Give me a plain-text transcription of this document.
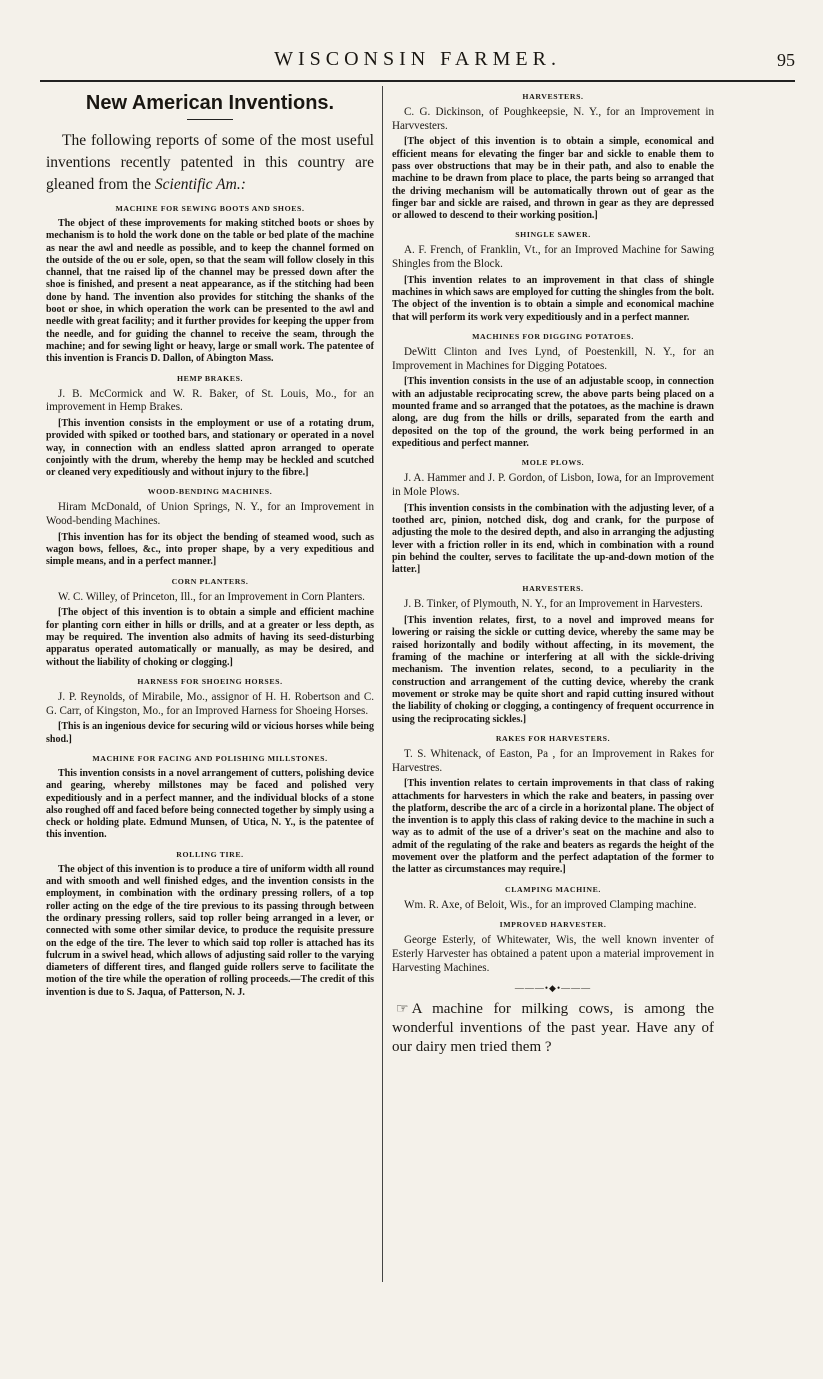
WISCONSIN FARMER.	95
New American Inventions.

The following reports of some of the most useful inventions recently patented in this country are gleaned from the Scientific Am.:

MACHINE FOR SEWING BOOTS AND SHOES.

The object of these improvements for making stitched boots or shoes by mechanism is to hold the work done on the table or bed plate of the machine as near the awl and needle as possible, and to keep the channel formed on the outside of the ou er sole, open, so that the seam will follow closely in this channel, that tne raised lip of the channel may be pressed down after the shoe is finished, and present a neat appearance, as if the stitching had been done by hand. The invention also provides for stitching the shanks of the boot or shoe, in which operation the work can be presented to the awl and needle with great facility; and it further provides for keeping the upper from the needle, and for guiding the channel to receive the seam, through the machine; and for sewing light or heavy, large or small work. The patentee of this invention is Francis D. Dallon, of Abington Mass.

HEMP BRAKES.

J. B. McCormick and W. R. Baker, of St. Louis, Mo., for an improvement in Hemp Brakes.

[This invention consists in the employment or use of a rotating drum, provided with spiked or toothed bars, and stationary or operated in a novel way, in connection with an endless slatted apron arranged to operate conjointly with the drum, whereby the hemp may be heckled and scutched or cleaned very expeditiously and without injury to the fibre.]

WOOD-BENDING MACHINES.

Hiram McDonald, of Union Springs, N. Y., for an Improvement in Wood-bending Machines.

[This invention has for its object the bending of steamed wood, such as wagon bows, felloes, &c., into proper shape, by a very expeditious and simple means, and in a perfect manner.]

CORN PLANTERS.

W. C. Willey, of Princeton, Ill., for an Improvement in Corn Planters.

[The object of this invention is to obtain a simple and efficient machine for planting corn either in hills or drills, and at a greater or less depth, as may be required. The invention also admits of having its seed-disturbing apparatus operated automatically or manually, as may be desired, and without the liability of choking or clogging.]

HARNESS FOR SHOEING HORSES.

J. P. Reynolds, of Mirabile, Mo., assignor of H. H. Robertson and C. G. Carr, of Kingston, Mo., for an Improved Harness for Shoeing Horses.

[This is an ingenious device for securing wild or vicious horses while being shod.]

MACHINE FOR FACING AND POLISHING MILLSTONES.

This invention consists in a novel arrangement of cutters, polishing device and gearing, whereby millstones may be faced and polished very expeditiously and in a perfect manner, and the individual blocks of a stone also roughed off and faced before being connected together by simply using a check or holding plate. Edmund Munsen, of Utica, N. Y., is the patentee of this invention.

ROLLING TIRE.

The object of this invention is to produce a tire of uniform width all round and with smooth and well finished edges, and the invention consists in the employment, in combination with the ordinary pressing rollers, of a top roller acting on the edge of the tire previous to its passing through between the ordinary pressing rollers, said top roller being arranged in a lever, or connected with some other similar device, to produce the requisite pressure on the edge of the tire. The lever to which said top roller is attached has its fulcrum in a swivel head, which allows of adjusting said roller to the varying diameters of different tires, and flanged guide rollers serve to facilitate the motion of the tire while the operation of rolling proceeds.—The credit of this invention is due to S. Jaqua, of Patterson, N. J.

HARVESTERS.

C. G. Dickinson, of Poughkeepsie, N. Y., for an Improvement in Harvvesters.

[The object of this invention is to obtain a simple, economical and efficient means for elevating the finger bar and sickle to enable them to pass over obstructions that may be in their path, and also to enable the machine to be drawn from place to place, the parts being so arranged that the driving mechanism will be automatically thrown out of gear as the finger bar and sickle are raised, and thrown in gear as they are depressed or allowed to descend to their working position.]

SHINGLE SAWER.

A. F. French, of Franklin, Vt., for an Improved Machine for Sawing Shingles from the Block.

[This invention relates to an improvement in that class of shingle machines in which saws are employed for cutting the shingles from the bolt. The object of the invention is to obtain a simple and economical machine that will perform its work very expeditiously and in a perfect manner.

MACHINES FOR DIGGING POTATOES.

DeWitt Clinton and Ives Lynd, of Poestenkill, N. Y., for an Improvement in Machines for Digging Potatoes.

[This invention consists in the use of an adjustable scoop, in connection with an adjustable reciprocating screw, the above parts being placed on a mounted frame and so arranged that the potatoes, as the machine is drawn along, are dug from the hills or drills, separated from the earth and deposited on the top of the ground, the work being performed in an expeditious and perfect manner.

MOLE PLOWS.

J. A. Hammer and J. P. Gordon, of Lisbon, Iowa, for an Improvement in Mole Plows.

[This invention consists in the combination with the adjusting lever, of a toothed arc, pinion, notched disk, dog and crank, for the purpose of adjusting the mole to the desired depth, and also in arranging the adjusting lever with a friction roller in its end, which in combination with a round pin behind the coulter, serves to facilitate the up-and-down motion of the latter.]

HARVESTERS.

J. B. Tinker, of Plymouth, N. Y., for an Improvement in Harvesters.

[This invention relates, first, to a novel and improved means for lowering or raising the sickle or cutting device, whereby the same may be raised horizontally and bodily without affecting, in its movement, the framing of the machine or interfering at all with the sickle-driving mechanism. The invention relates, second, to a peculiarity in the construction and arrangement of the cutting device, whereby the crank movement or stroke may be quite short and rapid cutting insured without the liability of choking or clogging, a contingency of frequent occurrence in using the reciprocating sickles.]

RAKES FOR HARVESTERS.

T. S. Whitenack, of Easton, Pa , for an Improvement in Rakes for Harvestres.

[This invention relates to certain improvements in that class of raking attachments for harvesters in which the rake and beaters, in passing over the platform, describe the arc of a circle in a horizontal plane. The object of the invention is to apply this class of raking device to the machine in such a way as to admit of the use of a driver's seat on the machine and also to admit of the regulating of the rake and beaters as regards the height of the movement over the platform and the perfect adaptation of the former to the latter as circumstances may require.]

CLAMPING MACHINE.

Wm. R. Axe, of Beloit, Wis., for an improved Clamping machine.

IMPROVED HARVESTER.

George Esterly, of Whitewater, Wis, the well known inventer of Esterly Harvester has obtained a patent upon a material improvement in Harvesting Machines.

———•◆•———

☞ A machine for milking cows, is among the wonderful inventions of the past year. Have any of our dairy men tried them ?
